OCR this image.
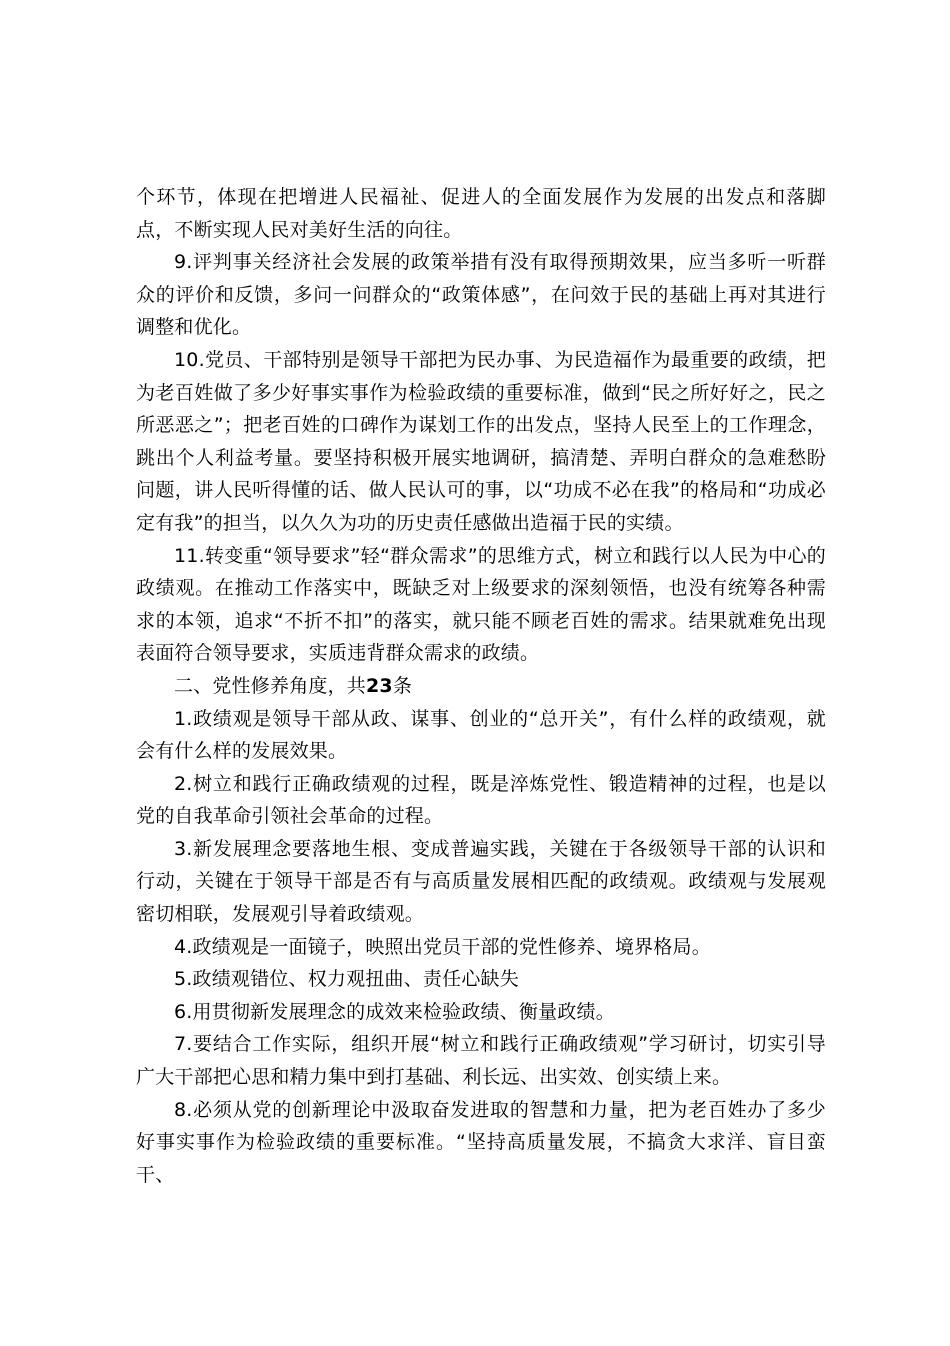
个环节，体现在把增进人民福祉、促进人的全面发展作为发展的出发点和落脚点，不断实现人民对美好生活的向往。

9.评判事关经济社会发展的政策举措有没有取得预期效果，应当多听一听群众的评价和反馈，多问一问群众的“政策体感”，在问效于民的基础上再对其进行调整和优化。

10.党员、干部特别是领导干部把为民办事、为民造福作为最重要的政绩，把为老百姓做了多少好事实事作为检验政绩的重要标准，做到“民之所好好之，民之所恶恶之”；把老百姓的口碑作为谋划工作的出发点，坚持人民至上的工作理念，跳出个人利益考量。要坚持积极开展实地调研，搞清楚、弄明白群众的急难愁盼问题，讲人民听得懂的话、做人民认可的事，以“功成不必在我”的格局和“功成必定有我”的担当，以久久为功的历史责任感做出造福于民的实绩。

11.转变重“领导要求”轻“群众需求”的思维方式，树立和践行以人民为中心的政绩观。在推动工作落实中，既缺乏对上级要求的深刻领悟，也没有统筹各种需求的本领，追求“不折不扣”的落实，就只能不顾老百姓的需求。结果就难免出现表面符合领导要求，实质违背群众需求的政绩。

二、党性修养角度，共23条

1.政绩观是领导干部从政、谋事、创业的“总开关”，有什么样的政绩观，就会有什么样的发展效果。

2.树立和践行正确政绩观的过程，既是淬炼党性、锻造精神的过程，也是以党的自我革命引领社会革命的过程。

3.新发展理念要落地生根、变成普遍实践，关键在于各级领导干部的认识和行动，关键在于领导干部是否有与高质量发展相匹配的政绩观。政绩观与发展观密切相联，发展观引导着政绩观。

4.政绩观是一面镜子，映照出党员干部的党性修养、境界格局。

5.政绩观错位、权力观扭曲、责任心缺失

6.用贯彻新发展理念的成效来检验政绩、衡量政绩。

7.要结合工作实际，组织开展“树立和践行正确政绩观”学习研讨，切实引导广大干部把心思和精力集中到打基础、利长远、出实效、创实绩上来。

8.必须从党的创新理论中汲取奋发进取的智慧和力量，把为老百姓办了多少好事实事作为检验政绩的重要标准。“坚持高质量发展，不搞贪大求洋、盲目蛮干、
